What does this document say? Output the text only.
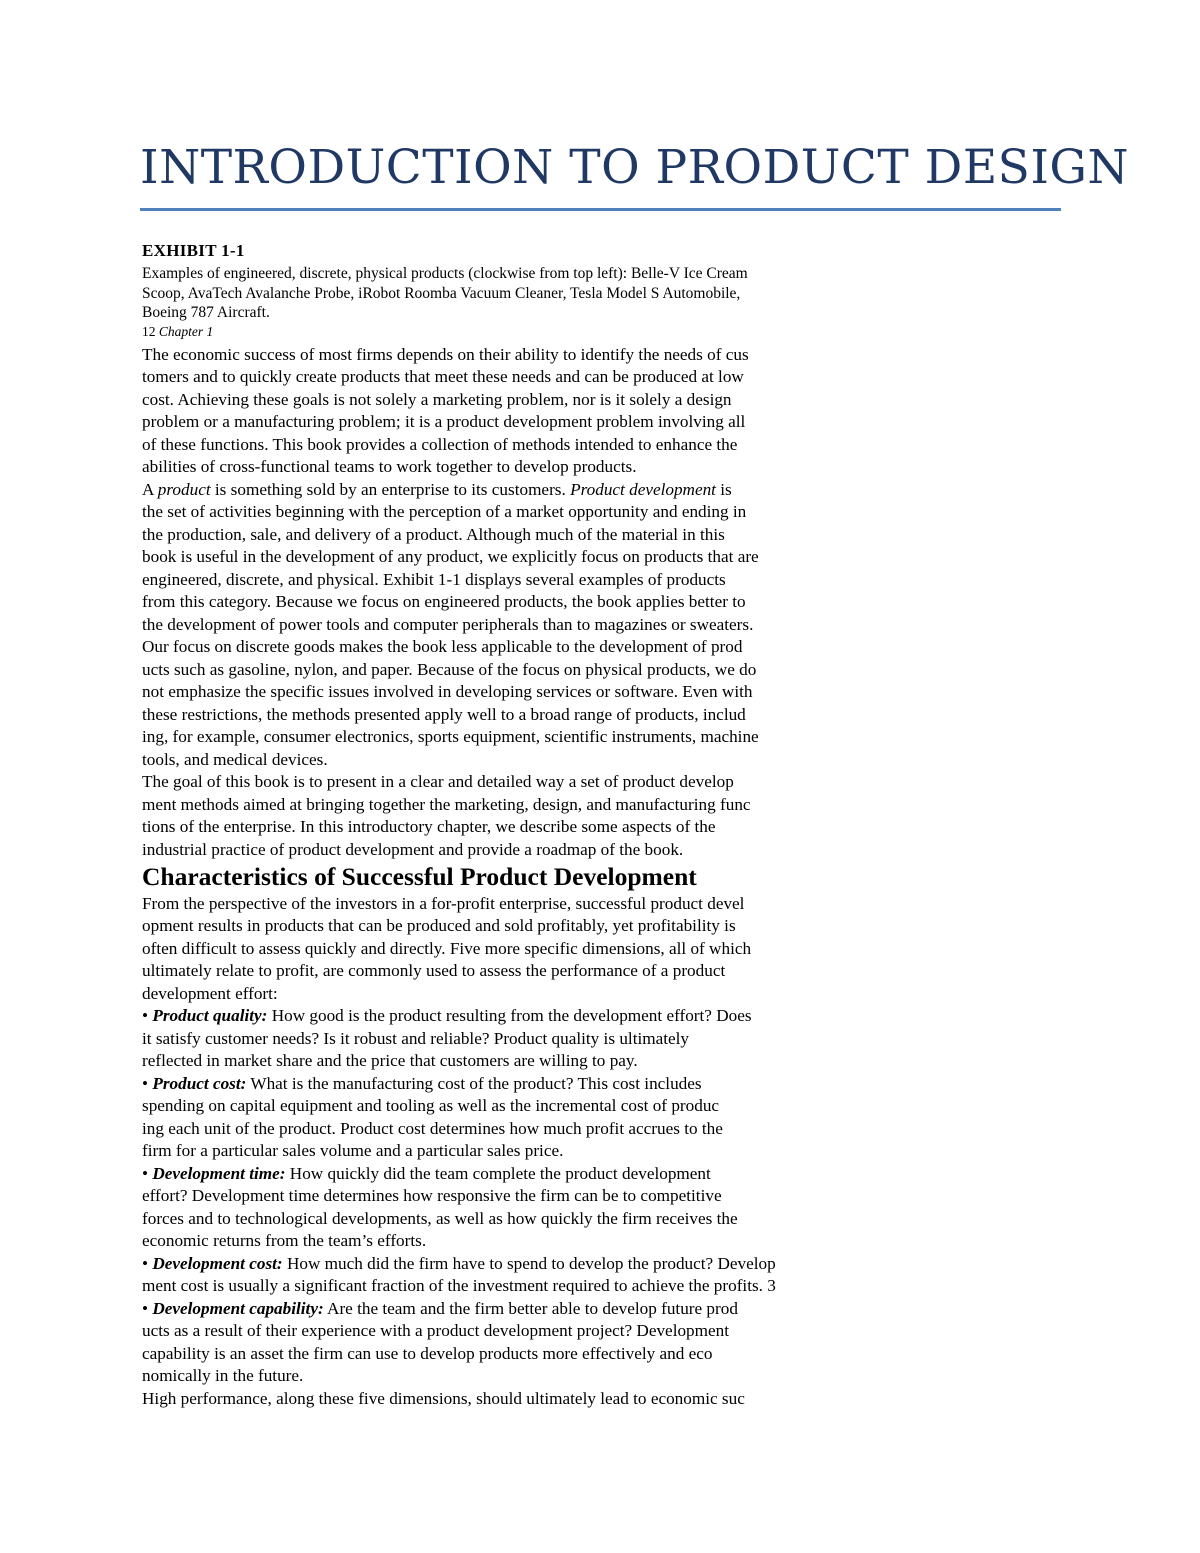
INTRODUCTION TO PRODUCT DESIGN
EXHIBIT 1-1
Examples of engineered, discrete, physical products (clockwise from top left): Belle-V Ice Cream
Scoop, AvaTech Avalanche Probe, iRobot Roomba Vacuum Cleaner, Tesla Model S Automobile,
Boeing 787 Aircraft.
12 Chapter 1
The economic success of most firms depends on their ability to identify the needs of cus
tomers and to quickly create products that meet these needs and can be produced at low
cost. Achieving these goals is not solely a marketing problem, nor is it solely a design
problem or a manufacturing problem; it is a product development problem involving all
of these functions. This book provides a collection of methods intended to enhance the
abilities of cross-functional teams to work together to develop products.
A product is something sold by an enterprise to its customers. Product development is
the set of activities beginning with the perception of a market opportunity and ending in
the production, sale, and delivery of a product. Although much of the material in this
book is useful in the development of any product, we explicitly focus on products that are
engineered, discrete, and physical. Exhibit 1-1 displays several examples of products
from this category. Because we focus on engineered products, the book applies better to
the development of power tools and computer peripherals than to magazines or sweaters.
Our focus on discrete goods makes the book less applicable to the development of prod
ucts such as gasoline, nylon, and paper. Because of the focus on physical products, we do
not emphasize the specific issues involved in developing services or software. Even with
these restrictions, the methods presented apply well to a broad range of products, includ
ing, for example, consumer electronics, sports equipment, scientific instruments, machine
tools, and medical devices.
The goal of this book is to present in a clear and detailed way a set of product develop
ment methods aimed at bringing together the marketing, design, and manufacturing func
tions of the enterprise. In this introductory chapter, we describe some aspects of the
industrial practice of product development and provide a roadmap of the book.
Characteristics of Successful Product Development
From the perspective of the investors in a for-profit enterprise, successful product devel
opment results in products that can be produced and sold profitably, yet profitability is
often difficult to assess quickly and directly. Five more specific dimensions, all of which
ultimately relate to profit, are commonly used to assess the performance of a product
development effort:
• Product quality: How good is the product resulting from the development effort? Does
it satisfy customer needs? Is it robust and reliable? Product quality is ultimately
reflected in market share and the price that customers are willing to pay.
• Product cost: What is the manufacturing cost of the product? This cost includes
spending on capital equipment and tooling as well as the incremental cost of produc
ing each unit of the product. Product cost determines how much profit accrues to the
firm for a particular sales volume and a particular sales price.
• Development time: How quickly did the team complete the product development
effort? Development time determines how responsive the firm can be to competitive
forces and to technological developments, as well as how quickly the firm receives the
economic returns from the team’s efforts.
• Development cost: How much did the firm have to spend to develop the product? Develop
ment cost is usually a significant fraction of the investment required to achieve the profits. 3
• Development capability: Are the team and the firm better able to develop future prod
ucts as a result of their experience with a product development project? Development
capability is an asset the firm can use to develop products more effectively and eco
nomically in the future.
High performance, along these five dimensions, should ultimately lead to economic suc
